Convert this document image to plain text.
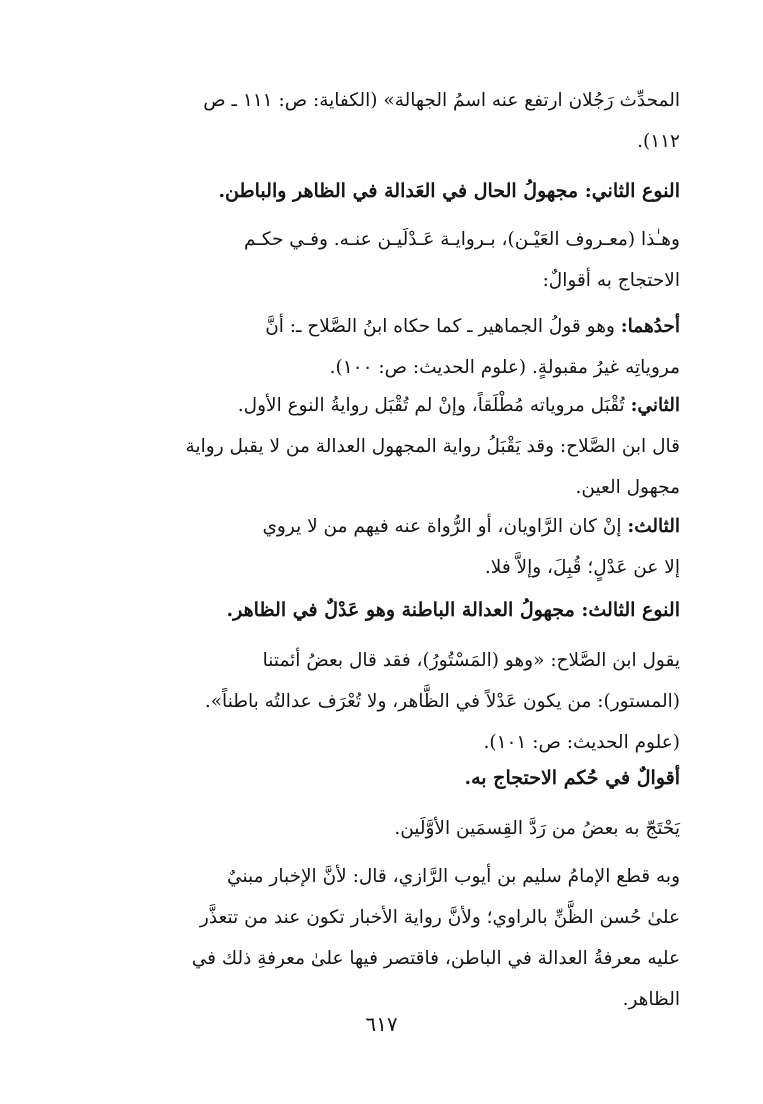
المحدِّث رَجُلان ارتفع عنه اسمُ الجهالة» (الكفاية: ص: ١١١ ـ ص
١١٢).
النوع الثاني: مجهولُ الحال في العَدالة في الظاهر والباطن.
وهـٰذا (معـروف العَيْـن)، بـروايـة عَـدْلَيـن عنـه. وفـي حكـم
الاحتجاج به أقوالٌ:
أحدُهما: وهو قولُ الجماهير ـ كما حكاه ابنُ الصَّلاح ـ: أنَّ
مروياتِه غيرُ مقبولةٍ. (علوم الحديث: ص: ١٠٠).
الثاني: تُقْبَل مروياته مُطْلَقاً، وإنْ لم تُقْبَل روايةُ النوع الأول.
قال ابن الصَّلاح: وقد يَقْبَلُ رواية المجهول العدالة من لا يقبل رواية
مجهول العين.
الثالث: إنْ كان الرَّاويان، أو الرُّواة عنه فيهم من لا يروي
إلا عن عَدْلٍ؛ قُبِلَ، وإلاَّ فلا.
النوع الثالث: مجهولُ العدالة الباطنة وهو عَدْلٌ في الظاهر.
يقول ابن الصَّلاح: «وهو (المَسْتُورُ)، فقد قال بعضُ أئمتنا
(المستور): من يكون عَدْلاً في الظَّاهر، ولا تُعْرَف عدالتُه باطناً».
(علوم الحديث: ص: ١٠١).
أقوالٌ في حُكم الاحتجاج به.
يَحْتَجّ به بعضُ من رَدَّ القِسمَين الأوَّلَين.
وبه قطع الإمامُ سليم بن أيوب الرَّازي، قال: لأنَّ الإخبار مبنيٌ
علىٰ حُسن الظَّنِّ بالراوي؛ ولأنَّ رواية الأخبار تكون عند من تتعذَّر
عليه معرفةُ العدالة في الباطن، فاقتصر فيها علىٰ معرفةِ ذلك في
الظاهر.
٦١٧
